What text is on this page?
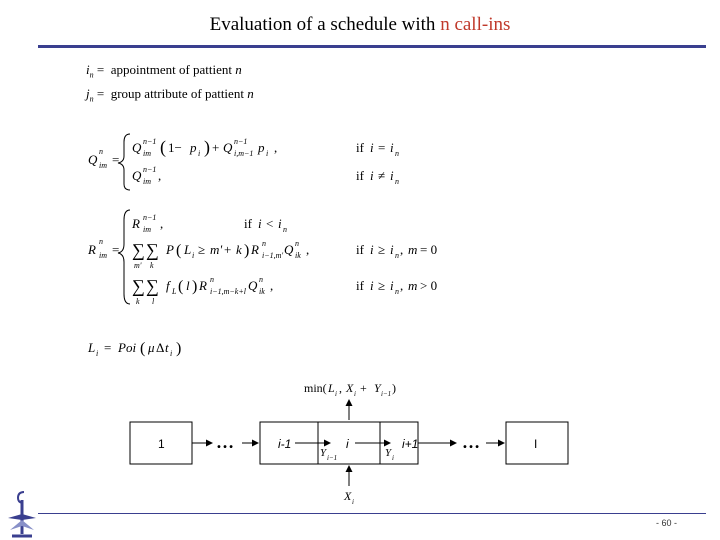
Evaluation of a schedule with n call-ins
$i_n$ =  appointment of pattient n
$j_n$ =  group attribute of pattient n
Q
n
im =
Q n−1
im ( 1− p i ) + Q n−1
i,m−1 p i ,	if i = i n
Q n−1
im ,	if i ≠ i n
R
n
im =
R n−1
im ,	if i < i n
∑ ∑
m' k
P ( L i ≥ m' + k ) R n
i−1,m' Q n
ik ,	if i ≥ i n , m = 0
∑ ∑
k l
f L ( l ) R n
i−1,m−k+l Q n
ik ,	if i ≥ i n , m > 0
L i = Poi ( μ Δ t i )
min( L i , X i + Y i−1 )
1	…	i-1	i	i+1
Y i−1	Y i
…	I
X i
- 60 -
